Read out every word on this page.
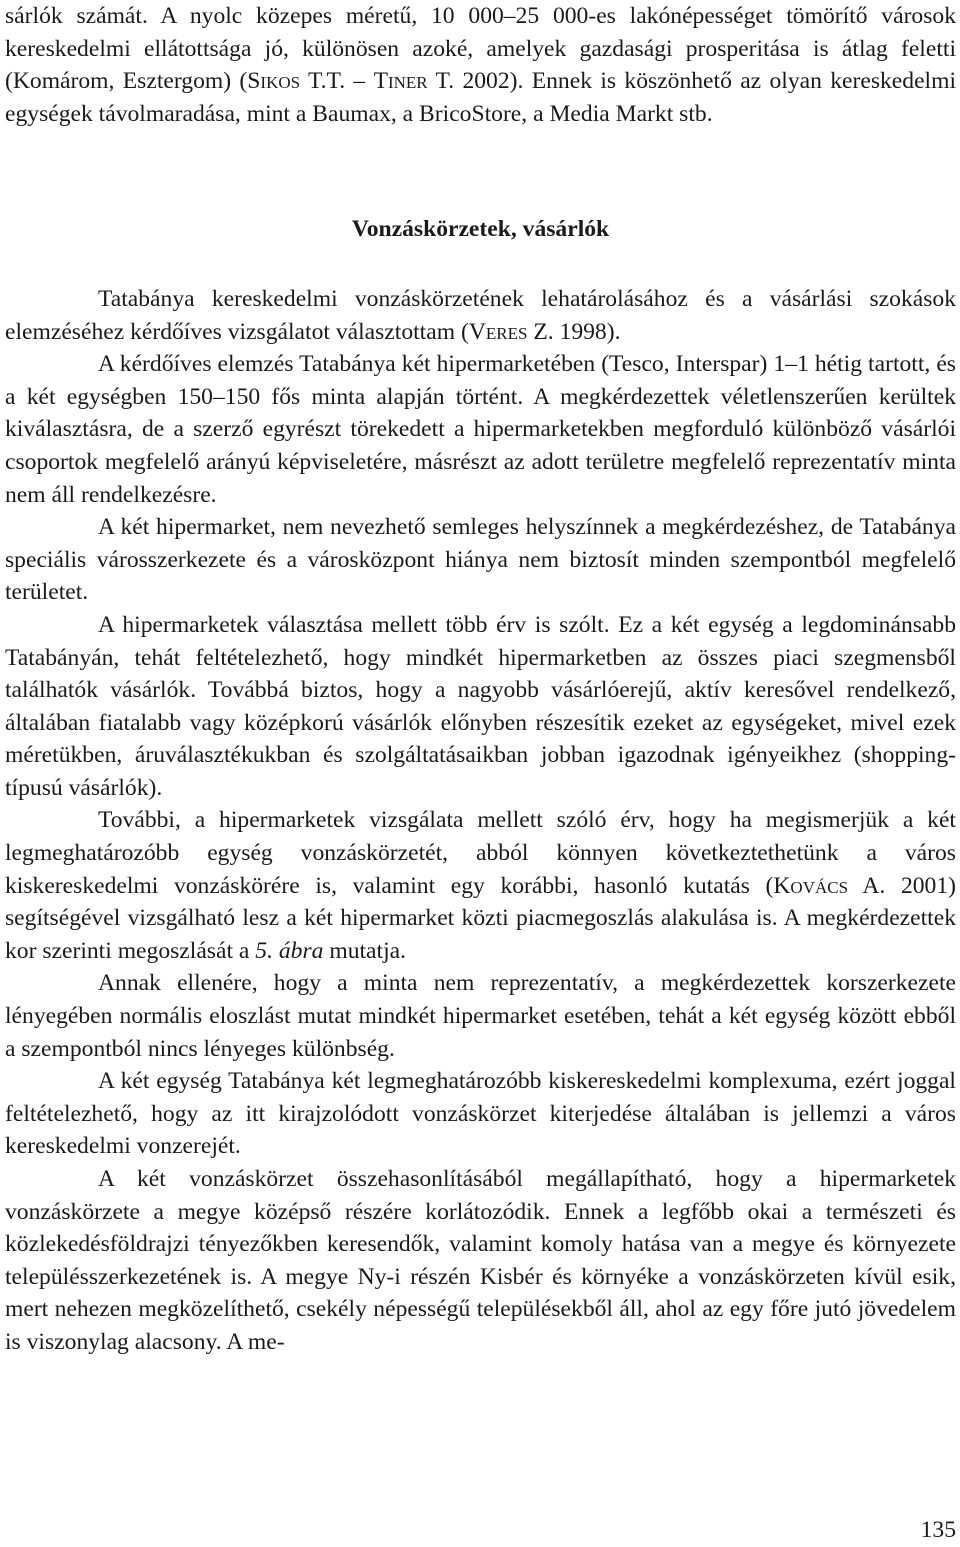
sárlók számát. A nyolc közepes méretű, 10 000–25 000-es lakónépességet tömörítő városok kereskedelmi ellátottsága jó, különösen azoké, amelyek gazdasági prosperitása is átlag feletti (Komárom, Esztergom) (Sikos T.T. – Tiner T. 2002). Ennek is köszönhető az olyan kereskedelmi egységek távolmaradása, mint a Baumax, a BricoStore, a Media Markt stb.

Vonzáskörzetek, vásárlók

Tatabánya kereskedelmi vonzáskörzetének lehatárolásához és a vásárlási szokások elemzéséhez kérdőíves vizsgálatot választottam (Veres Z. 1998).

A kérdőíves elemzés Tatabánya két hipermarketében (Tesco, Interspar) 1–1 hétig tartott, és a két egységben 150–150 fős minta alapján történt. A megkérdezettek véletlenszerűen kerültek kiválasztásra, de a szerző egyrészt törekedett a hipermarketekben megforduló különböző vásárlói csoportok megfelelő arányú képviseletére, másrészt az adott területre megfelelő reprezentatív minta nem áll rendelkezésre.

A két hipermarket, nem nevezhető semleges helyszínnek a megkérdezéshez, de Tatabánya speciális városszerkezete és a városközpont hiánya nem biztosít minden szempontból megfelelő területet.

A hipermarketek választása mellett több érv is szólt. Ez a két egység a legdominánsabb Tatabányán, tehát feltételezhető, hogy mindkét hipermarketben az összes piaci szegmensből találhatók vásárlók. Továbbá biztos, hogy a nagyobb vásárlóerejű, aktív keresővel rendelkező, általában fiatalabb vagy középkorú vásárlók előnyben részesítik ezeket az egységeket, mivel ezek méretükben, áruválasztékukban és szolgáltatásaikban jobban igazodnak igényeikhez (shopping-típusú vásárlók).

További, a hipermarketek vizsgálata mellett szóló érv, hogy ha megismerjük a két legmeghatározóbb egység vonzáskörzetét, abból könnyen következtethetünk a város kiskereskedelmi vonzáskörére is, valamint egy korábbi, hasonló kutatás (Kovács A. 2001) segítségével vizsgálható lesz a két hipermarket közti piacmegoszlás alakulása is. A megkérdezettek kor szerinti megoszlását a 5. ábra mutatja.

Annak ellenére, hogy a minta nem reprezentatív, a megkérdezettek korszerkezete lényegében normális eloszlást mutat mindkét hipermarket esetében, tehát a két egység között ebből a szempontból nincs lényeges különbség.

A két egység Tatabánya két legmeghatározóbb kiskereskedelmi komplexuma, ezért joggal feltételezhető, hogy az itt kirajzolódott vonzáskörzet kiterjedése általában is jellemzi a város kereskedelmi vonzerejét.

A két vonzáskörzet összehasonlításából megállapítható, hogy a hipermarketek vonzáskörzete a megye középső részére korlátozódik. Ennek a legfőbb okai a természeti és közlekedésföldrajzi tényezőkben keresendők, valamint komoly hatása van a megye és környezete településszerkezetének is. A megye Ny-i részén Kisbér és környéke a vonzáskörzeten kívül esik, mert nehezen megközelíthető, csekély népességű településekből áll, ahol az egy főre jutó jövedelem is viszonylag alacsony. A me-

135
